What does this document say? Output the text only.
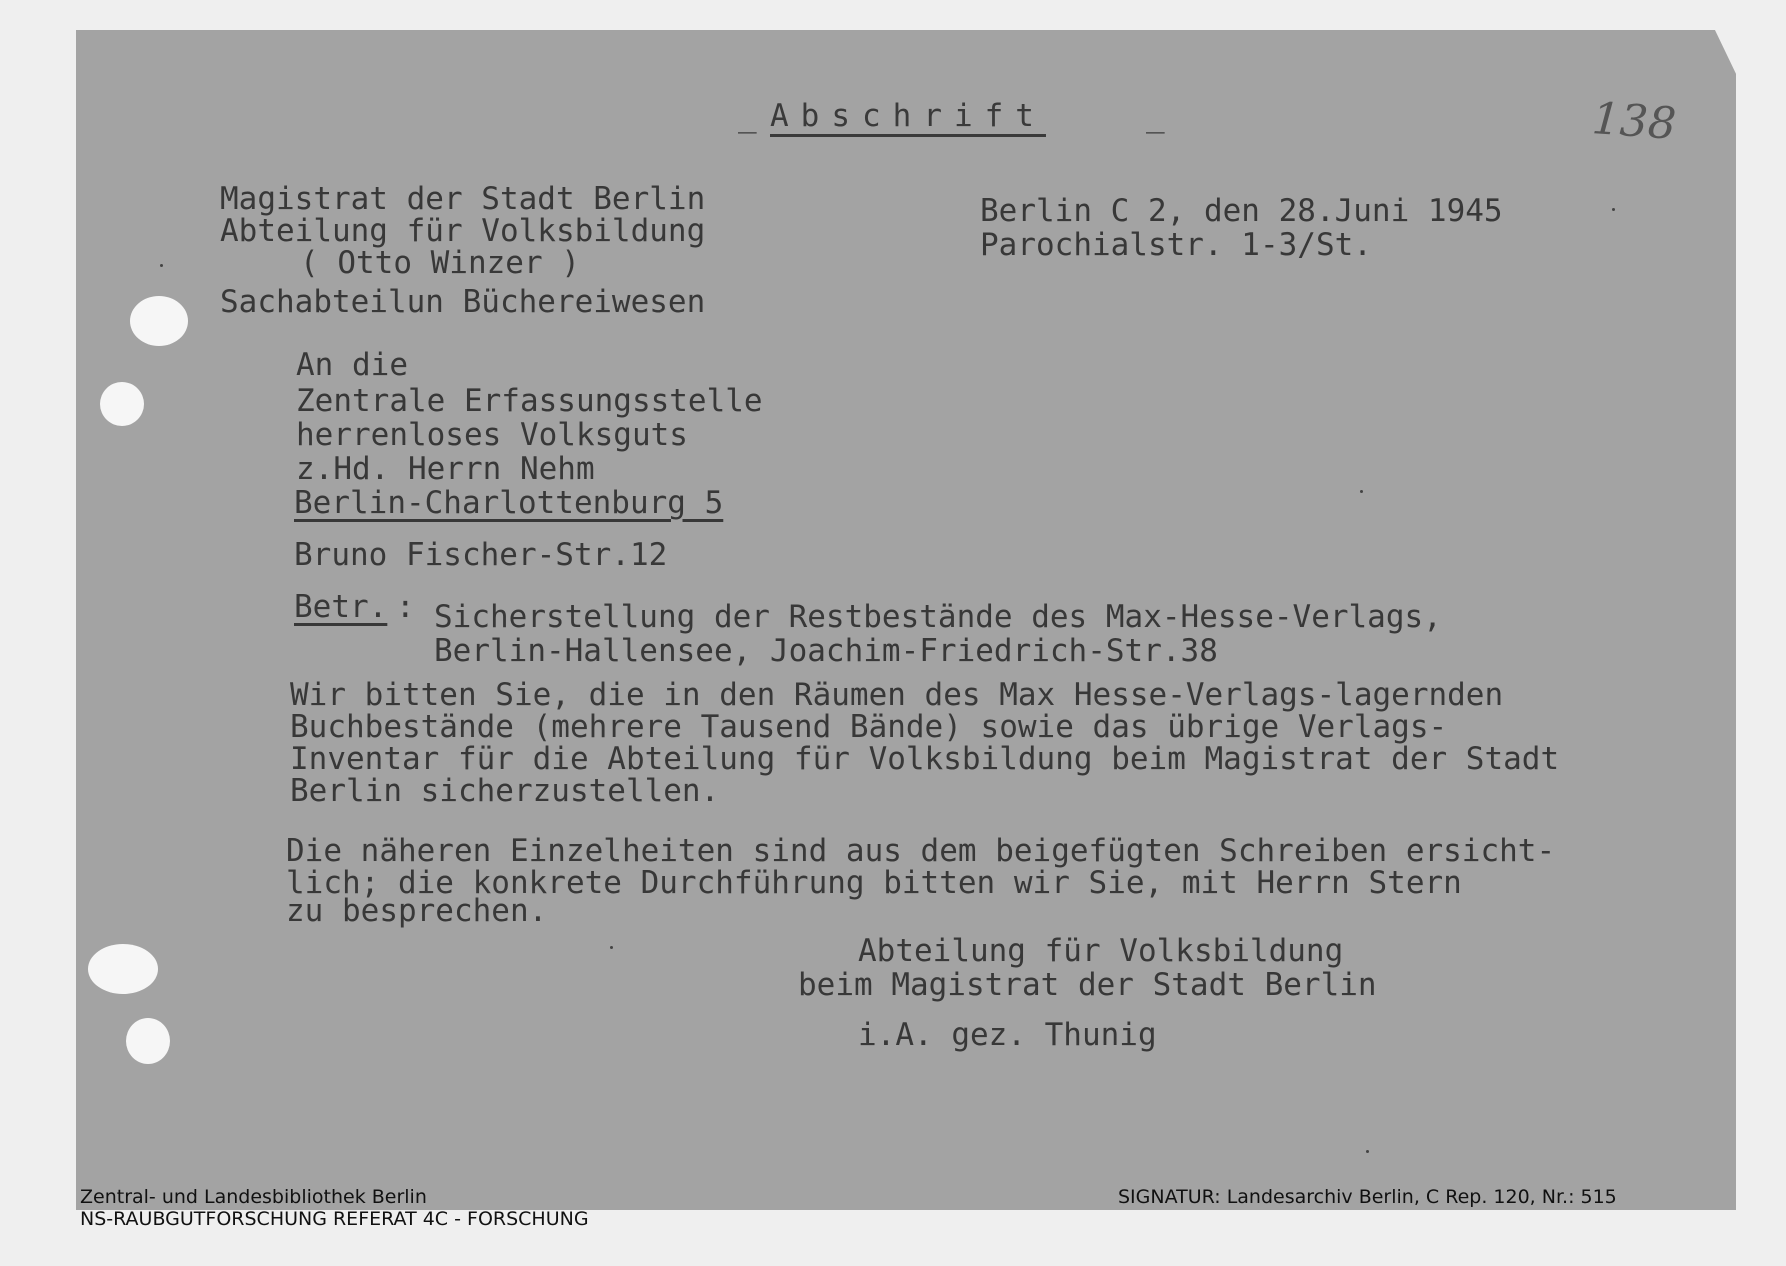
_ Abschrift	_	138

Magistrat der Stadt Berlin

Abteilung für Volksbildung

( Otto Winzer )

Sachabteilun Büchereiwesen

Berlin C 2, den 28.Juni 1945

Parochialstr. 1-3/St.

An die

Zentrale Erfassungsstelle

herrenloses Volksguts

z.Hd. Herrn Nehm

Berlin-Charlottenburg 5

Bruno Fischer-Str.12

Betr. : Sicherstellung der Restbestände des Max-Hesse-Verlags,

Berlin-Hallensee, Joachim-Friedrich-Str.38

Wir bitten Sie, die in den Räumen des Max Hesse-Verlags-lagernden

Buchbestände (mehrere Tausend Bände) sowie das übrige Verlags-

Inventar für die Abteilung für Volksbildung beim Magistrat der Stadt

Berlin sicherzustellen.

Die näheren Einzelheiten sind aus dem beigefügten Schreiben ersicht-

lich; die konkrete Durchführung bitten wir Sie, mit Herrn Stern

zu besprechen.

Abteilung für Volksbildung

beim Magistrat der Stadt Berlin

i.A. gez. Thunig

Zentral- und Landesbibliothek Berlin
NS-RAUBGUTFORSCHUNG REFERAT 4C - FORSCHUNG
SIGNATUR: Landesarchiv Berlin, C Rep. 120, Nr.: 515
